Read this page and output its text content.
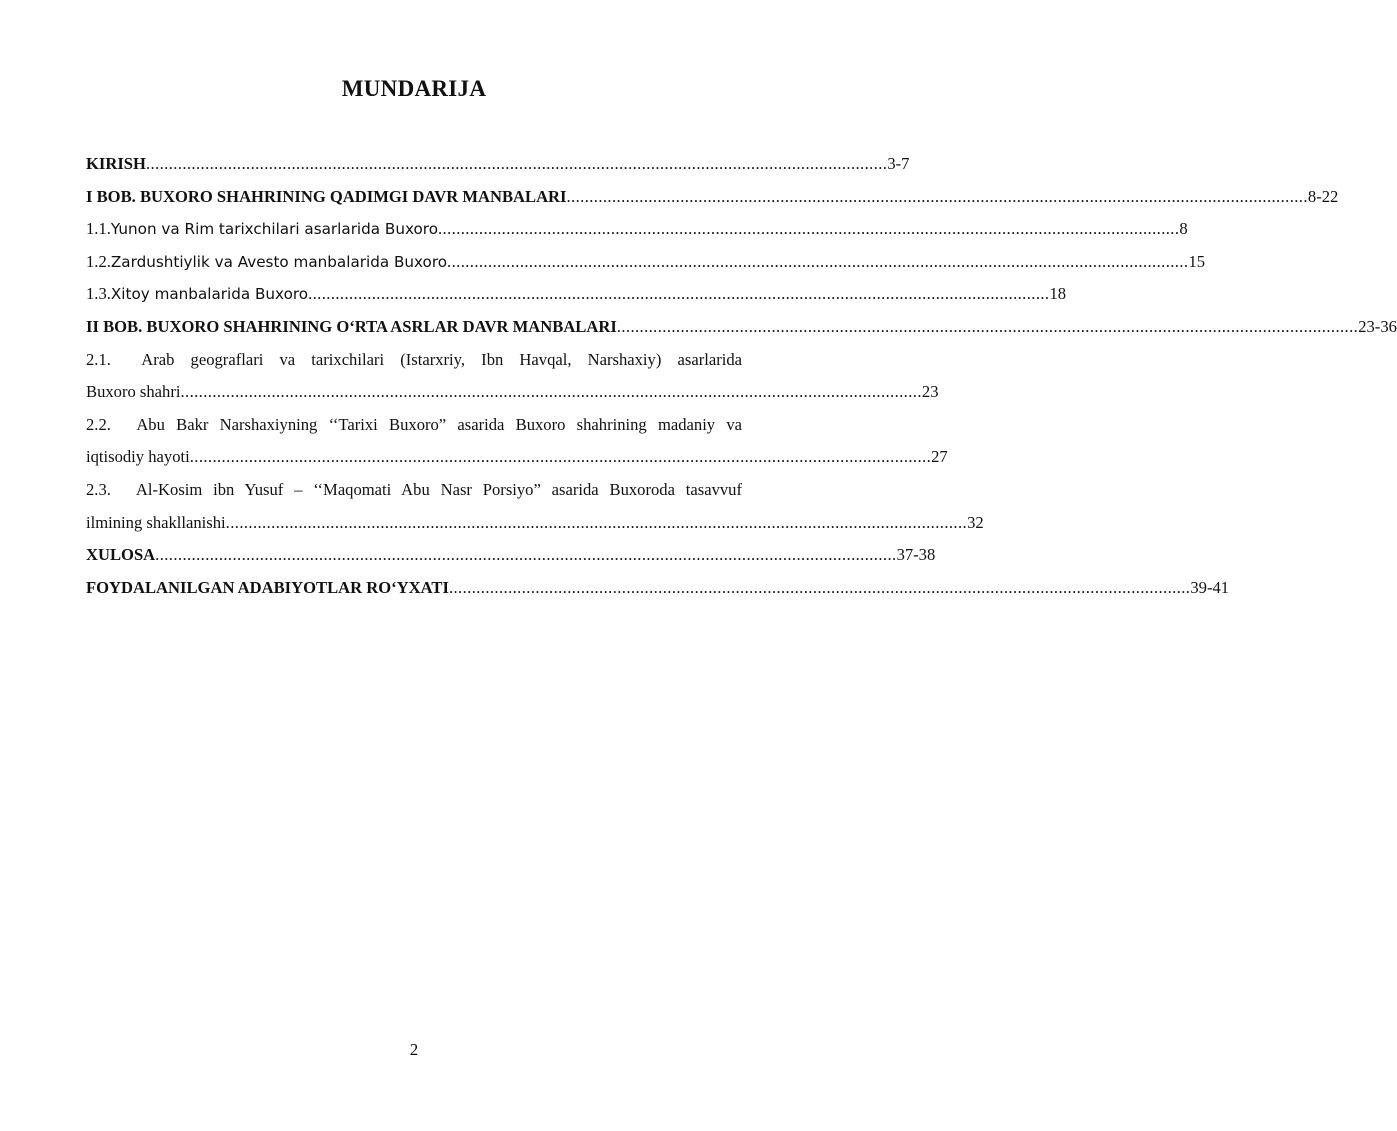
MUNDARIJA
KIRISH ................................................................................................................................................................... 3-7
I BOB. BUXORO SHAHRINING QADIMGI DAVR MANBALARI ................................................................................................................................................................... 8-22
1.1. Yunon va Rim tarixchilari asarlarida Buxoro ................................................................................................................................................................... 8
1.2. Zardushtiylik va Avesto manbalarida Buxoro ................................................................................................................................................................... 15
1.3. Xitoy manbalarida Buxoro ................................................................................................................................................................... 18
II BOB. BUXORO SHAHRINING O‘RTA ASRLAR DAVR MANBALARI ................................................................................................................................................................... 23-36
2.1. Arab geograflari va tarixchilari (Istarxriy, Ibn Havqal, Narshaxiy) asarlarida
Buxoro shahri ................................................................................................................................................................... 23
2.2. Abu Bakr Narshaxiyning ‘‘Tarixi Buxoro” asarida Buxoro shahrining madaniy va
iqtisodiy hayoti ................................................................................................................................................................... 27
2.3. Al-Kosim ibn Yusuf – ‘‘Maqomati Abu Nasr Porsiyo” asarida Buxoroda tasavvuf
ilmining shakllanishi ................................................................................................................................................................... 32
XULOSA ................................................................................................................................................................... 37-38
FOYDALANILGAN ADABIYOTLAR RO‘YXATI ................................................................................................................................................................... 39-41
2
